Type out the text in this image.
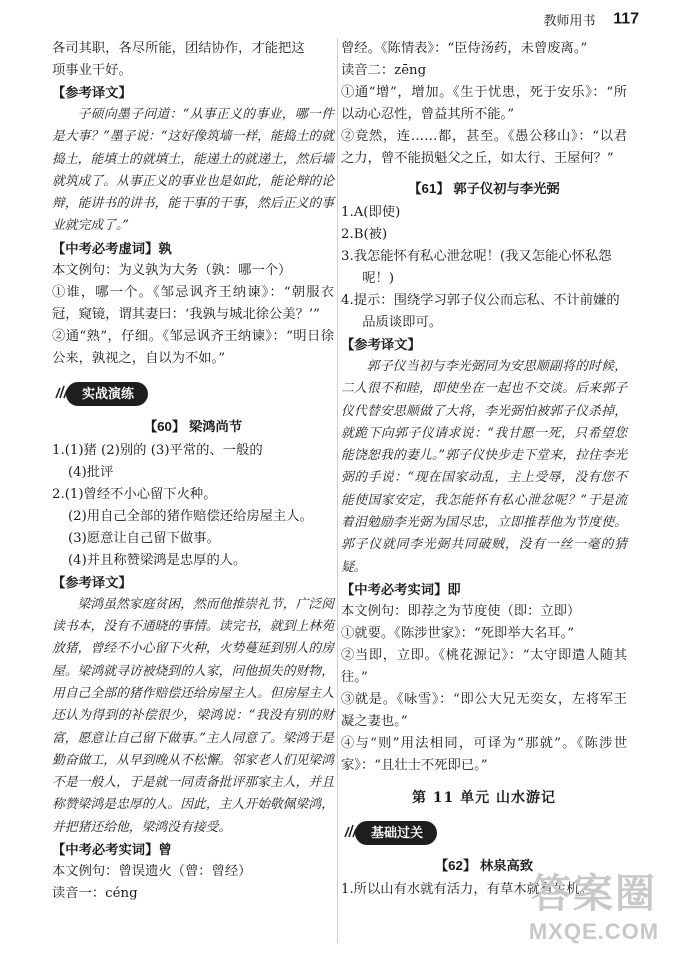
教师用书 117

各司其职，各尽所能，团结协作，才能把这

项事业干好。

【参考译文】

子硕向墨子问道：“从事正义的事业，哪一件是大事？”墨子说：“这好像筑墙一样，能捣土的就捣土，能填土的就填土，能递土的就递土，然后墙就筑成了。从事正义的事业也是如此，能论辩的论辩，能讲书的讲书，能干事的干事，然后正义的事业就完成了。”

【中考必考虚词】孰

本文例句：为义孰为大务（孰：哪一个）

①谁，哪一个。《邹忌讽齐王纳谏》：“朝服衣冠，窥镜，谓其妻曰：‘我孰与城北徐公美？’”

②通“熟”，仔细。《邹忌讽齐王纳谏》：“明日徐公来，孰视之，自以为不如。”

实战演练

【60】 梁鸿尚节

1.(1)猪 (2)别的 (3)平常的、一般的

(4)批评

2.(1)曾经不小心留下火种。

(2)用自己全部的猪作赔偿还给房屋主人。

(3)愿意让自己留下做事。

(4)并且称赞梁鸿是忠厚的人。

【参考译文】

梁鸿虽然家庭贫困，然而他推崇礼节，广泛阅读书本，没有不通晓的事情。读完书，就到上林苑放猪，曾经不小心留下火种，火势蔓延到别人的房屋。梁鸿就寻访被烧到的人家，问他损失的财物，用自己全部的猪作赔偿还给房屋主人。但房屋主人还认为得到的补偿很少，梁鸿说：“我没有别的财富，愿意让自己留下做事。”主人同意了。梁鸿于是勤奋做工，从早到晚从不松懈。邻家老人们见梁鸿不是一般人，于是就一同责备批评那家主人，并且称赞梁鸿是忠厚的人。因此，主人开始敬佩梁鸿，并把猪还给他，梁鸿没有接受。

【中考必考实词】曾

本文例句：曾误遗火（曾：曾经）

读音一：céng

曾经。《陈情表》：“臣侍汤药，未曾废离。”

读音二：zēng

①通“增”，增加。《生于忧患，死于安乐》：“所以动心忍性，曾益其所不能。”

②竟然，连……都，甚至。《愚公移山》：“以君之力，曾不能损魁父之丘，如太行、王屋何？”

【61】 郭子仪初与李光弼

1.A(即使)

2.B(被)

3.我怎能怀有私心泄忿呢！(我又怎能心怀私怨呢！)

4.提示：围绕学习郭子仪公而忘私、不计前嫌的品质谈即可。

【参考译文】

郭子仪当初与李光弼同为安思顺副将的时候，二人很不和睦，即使坐在一起也不交谈。后来郭子仪代替安思顺做了大将，李光弼怕被郭子仪杀掉，就跪下向郭子仪请求说：“我甘愿一死，只希望您能饶恕我的妻儿。”郭子仪快步走下堂来，拉住李光弼的手说：“现在国家动乱，主上受辱，没有您不能使国家安定，我怎能怀有私心泄忿呢？”于是流着泪勉励李光弼为国尽忠，立即推荐他为节度使。郭子仪就同李光弼共同破贼，没有一丝一毫的猜疑。

【中考必考实词】即

本文例句：即荐之为节度使（即：立即）

①就要。《陈涉世家》：“死即举大名耳。”

②当即，立即。《桃花源记》：“太守即遣人随其往。”

③就是。《咏雪》：“即公大兄无奕女，左将军王凝之妻也。”

④与“则”用法相同，可译为“那就”。《陈涉世家》：“且壮士不死即已。”

第 11 单元 山水游记

基础过关

【62】 林泉高致

1.所以山有水就有活力，有草木就有生机。

答案圈
MXQE.COM
